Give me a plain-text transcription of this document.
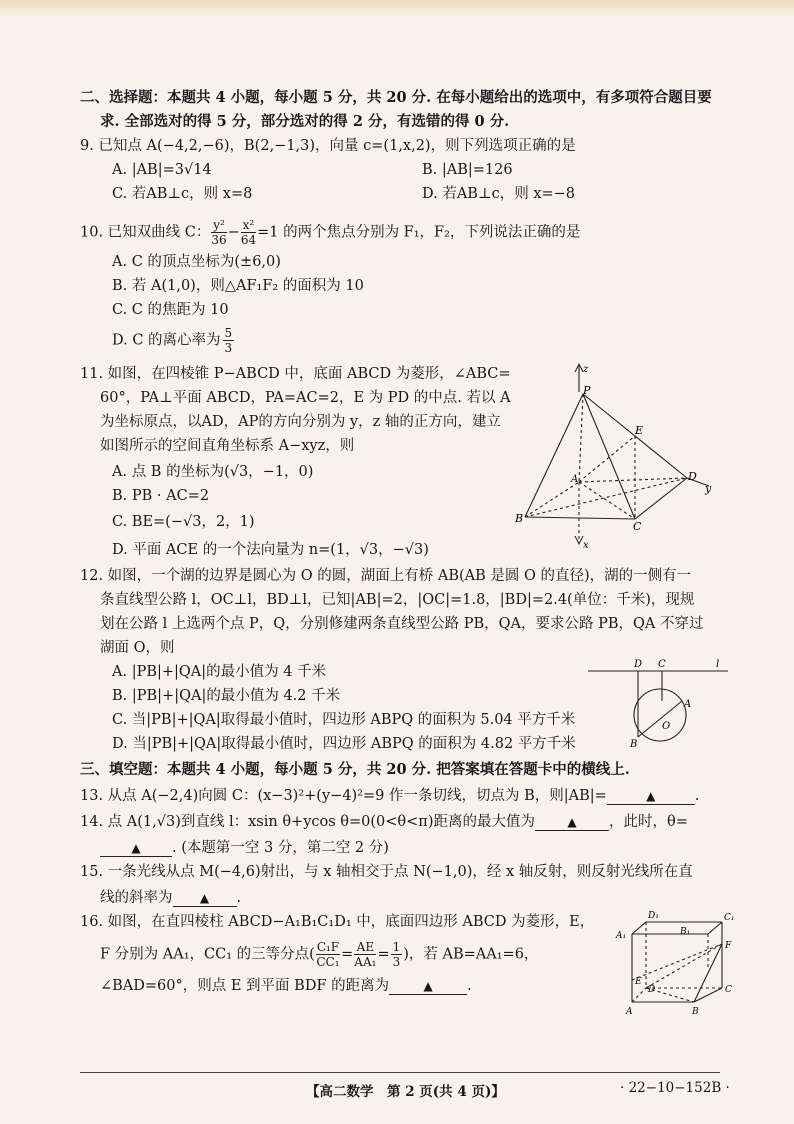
二、选择题：本题共 4 小题，每小题 5 分，共 20 分. 在每小题给出的选项中，有多项符合题目要
求. 全部选对的得 5 分，部分选对的得 2 分，有选错的得 0 分.
9. 已知点 A(−4,2,−6)，B(2,−1,3)，向量 c=(1,x,2)，则下列选项正确的是
A. |AB|=3√14	B. |AB|=126
C. 若AB⊥c，则 x=8	D. 若AB⊥c，则 x=−8
10. 已知双曲线 C： $\frac{\text{y²}}{36} - \frac{\text{x²}}{64} =1$ 的两个焦点分别为 F₁，F₂，下列说法正确的是
A. C 的顶点坐标为(±6,0)
B. 若 A(1,0)，则△AF₁F₂ 的面积为 10
C. C 的焦距为 10
D. C 的离心率为 $\frac{5}{3}$
11. 如图，在四棱锥 P−ABCD 中，底面 ABCD 为菱形，∠ABC=
60°，PA⊥平面 ABCD，PA=AC=2，E 为 PD 的中点. 若以 A
为坐标原点，以AD，AP的方向分别为 y，z 轴的正方向，建立
如图所示的空间直角坐标系 A−xyz，则
A. 点 B 的坐标为(√3，−1，0)
B. PB · AC=2
C. BE=(−√3，2，1)
D. 平面 ACE 的一个法向量为 n=(1，√3，−√3)
z
P
E
A	D
y
B
C
x
12. 如图，一个湖的边界是圆心为 O 的圆，湖面上有桥 AB(AB 是圆 O 的直径)，湖的一侧有一
条直线型公路 l，OC⊥l，BD⊥l，已知|AB|=2，|OC|=1.8，|BD|=2.4(单位：千米)，现规
划在公路 l 上选两个点 P，Q，分别修建两条直线型公路 PB，QA，要求公路 PB，QA 不穿过
湖面 O，则
A. |PB|+|QA|的最小值为 4 千米
B. |PB|+|QA|的最小值为 4.2 千米
C. 当|PB|+|QA|取得最小值时，四边形 ABPQ 的面积为 5.04 平方千米
D. 当|PB|+|QA|取得最小值时，四边形 ABPQ 的面积为 4.82 平方千米
D C	l
A
O
B
三、填空题：本题共 4 小题，每小题 5 分，共 20 分. 把答案填在答题卡中的横线上.
13. 从点 A(−2,4)向圆 C：(x−3)²+(y−4)²=9 作一条切线，切点为 B，则|AB|=	▲	.
14. 点 A(1,√3)到直线 l：xsin θ+ycos θ=0(0<θ<π)距离的最大值为	▲ ，此时，θ=
▲ . (本题第一空 3 分，第二空 2 分)
15. 一条光线从点 M(−4,6)射出，与 x 轴相交于点 N(−1,0)，经 x 轴反射，则反射光线所在直
线的斜率为 ▲ .
16. 如图，在直四棱柱 ABCD−A₁B₁C₁D₁ 中，底面四边形 ABCD 为菱形，E，
F 分别为 AA₁，CC₁ 的三等分点( $\frac{\text{C₁F}}{\text{CC₁}} = \frac{AE}{\text{AA₁}} = \frac{1}{3}$ )，若 AB=AA₁=6，
∠BAD=60°，则点 E 到平面 BDF 的距离为	▲ .
D₁	C₁
A₁	B₁
F
E
D	C
A	B
【高二数学　第 2 页(共 4 页)】	· 22−10−152B ·
